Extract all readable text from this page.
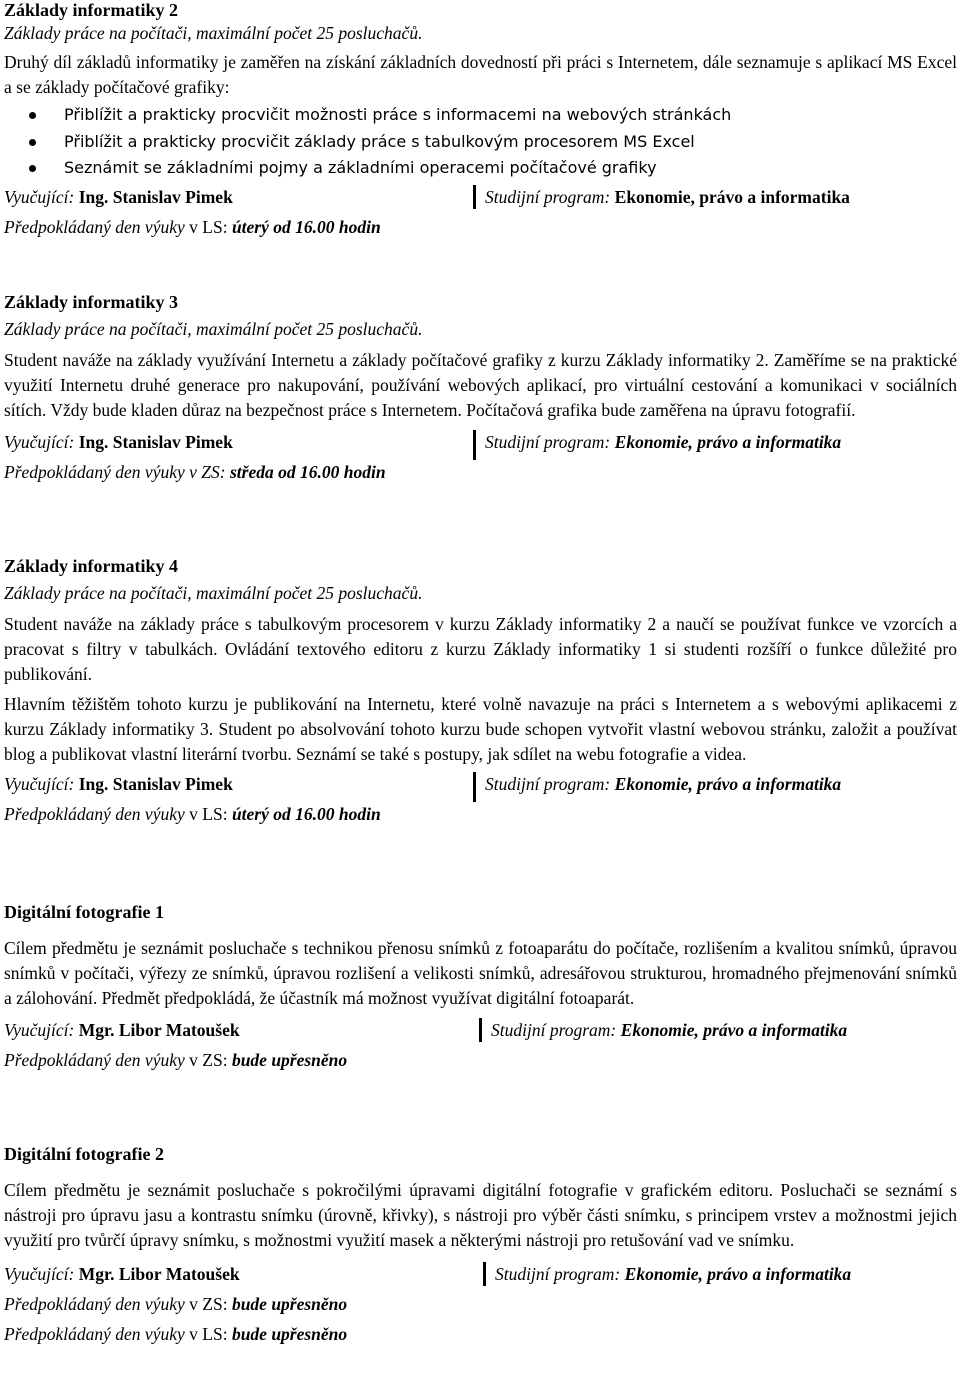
Základy informatiky 2
Základy práce na počítači, maximální počet 25 posluchačů.
Druhý díl základů informatiky je zaměřen na získání základních dovedností při práci s Internetem, dále seznamuje s aplikací MS Excel a se základy počítačové grafiky:
Přiblížit a prakticky procvičit možnosti práce s informacemi na webových stránkách
Přiblížit a prakticky procvičit základy práce s tabulkovým procesorem MS Excel
Seznámit se základními pojmy a základními operacemi počítačové grafiky
Vyučující: Ing. Stanislav Pimek	Studijní program: Ekonomie, právo a informatika
Předpokládaný den výuky v LS: úterý od 16.00 hodin
Základy informatiky 3
Základy práce na počítači, maximální počet 25 posluchačů.
Student naváže na základy využívání Internetu a základy počítačové grafiky z kurzu Základy informatiky 2. Zaměříme se na praktické využití Internetu druhé generace pro nakupování, používání webových aplikací, pro virtuální cestování a komunikaci v sociálních sítích. Vždy bude kladen důraz na bezpečnost práce s Internetem. Počítačová grafika bude zaměřena na úpravu fotografií.
Vyučující: Ing. Stanislav Pimek	Studijní program: Ekonomie, právo a informatika
Předpokládaný den výuky v ZS: středa od 16.00 hodin
Základy informatiky 4
Základy práce na počítači, maximální počet 25 posluchačů.
Student naváže na základy práce s tabulkovým procesorem v kurzu Základy informatiky 2 a naučí se používat funkce ve vzorcích a pracovat s filtry v tabulkách. Ovládání textového editoru z kurzu Základy informatiky 1 si studenti rozšíří o funkce důležité pro publikování.
Hlavním těžištěm tohoto kurzu je publikování na Internetu, které volně navazuje na práci s Internetem a s webovými aplikacemi z kurzu Základy informatiky 3. Student po absolvování tohoto kurzu bude schopen vytvořit vlastní webovou stránku, založit a používat blog a publikovat vlastní literární tvorbu. Seznámí se také s postupy, jak sdílet na webu fotografie a videa.
Vyučující: Ing. Stanislav Pimek	Studijní program: Ekonomie, právo a informatika
Předpokládaný den výuky v LS: úterý od 16.00 hodin
Digitální fotografie 1
Cílem předmětu je seznámit posluchače s technikou přenosu snímků z fotoaparátu do počítače, rozlišením a kvalitou snímků, úpravou snímků v počítači, výřezy ze snímků, úpravou rozlišení a velikosti snímků, adresářovou strukturou, hromadného přejmenování snímků a zálohování. Předmět předpokládá, že účastník má možnost využívat digitální fotoaparát.
Vyučující: Mgr. Libor Matoušek	Studijní program: Ekonomie, právo a informatika
Předpokládaný den výuky v ZS: bude upřesněno
Digitální fotografie 2
Cílem předmětu je seznámit posluchače s pokročilými úpravami digitální fotografie v grafickém editoru. Posluchači se seznámí s nástroji pro úpravu jasu a kontrastu snímku (úrovně, křivky), s nástroji pro výběr části snímku, s principem vrstev a možnostmi jejich využití pro tvůrčí úpravy snímku, s možnostmi využití masek a některými nástroji pro retušování vad ve snímku.
Vyučující: Mgr. Libor Matoušek	Studijní program: Ekonomie, právo a informatika
Předpokládaný den výuky v ZS: bude upřesněno
Předpokládaný den výuky v LS: bude upřesněno
